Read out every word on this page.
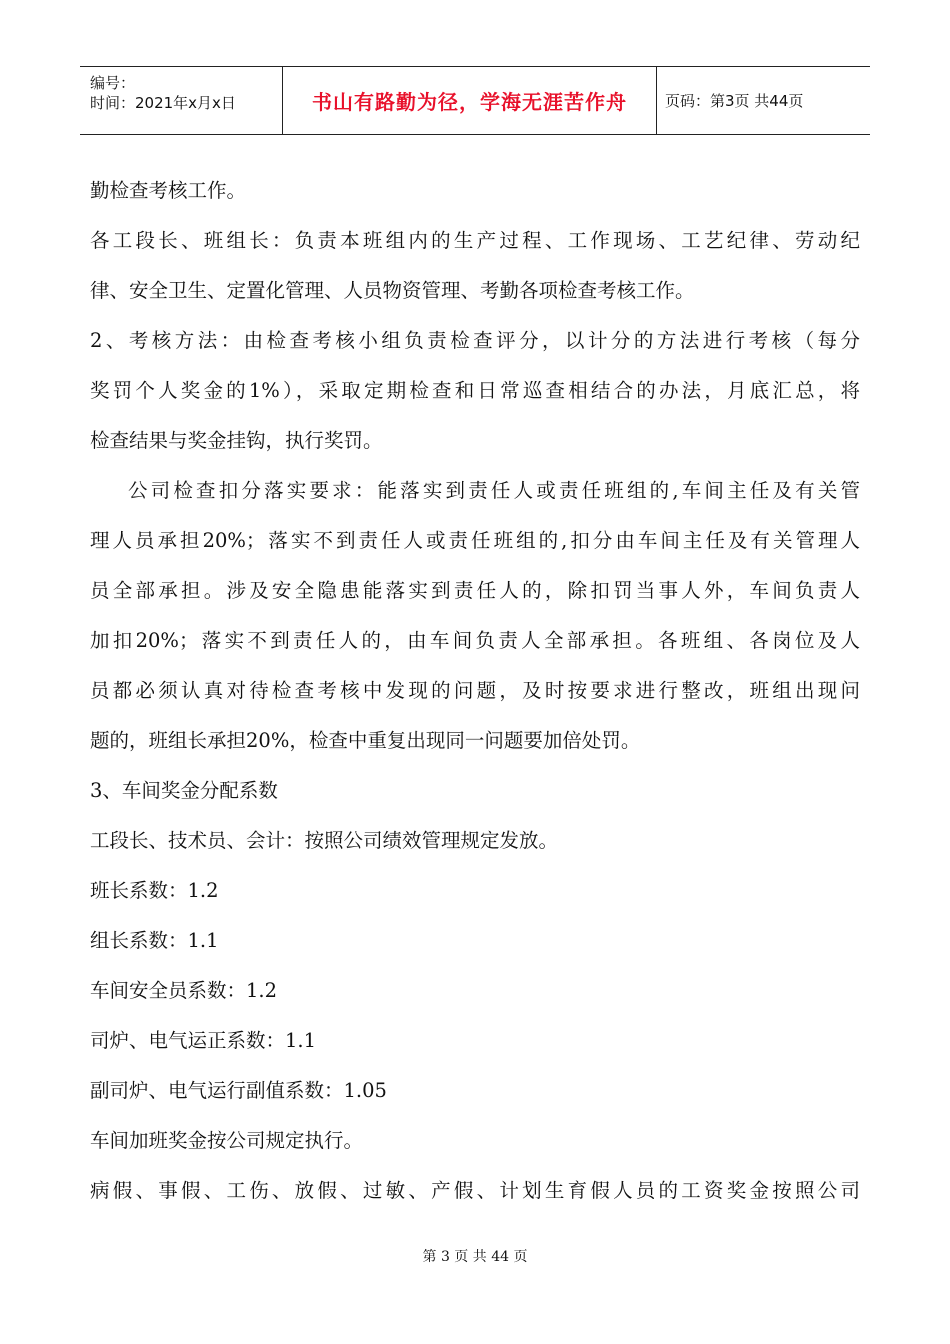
编号：
时间：2021年x月x日	书山有路勤为径，学海无涯苦作舟	页码：第3页 共44页
勤检查考核工作。
各工段长、班组长：负责本班组内的生产过程、工作现场、工艺纪律、劳动纪
律、安全卫生、定置化管理、人员物资管理、考勤各项检查考核工作。
2、考核方法：由检查考核小组负责检查评分，以计分的方法进行考核（每分
奖罚个人奖金的1%），采取定期检查和日常巡查相结合的办法，月底汇总，将
检查结果与奖金挂钩，执行奖罚。
公司检查扣分落实要求：能落实到责任人或责任班组的,车间主任及有关管
理人员承担20%；落实不到责任人或责任班组的,扣分由车间主任及有关管理人
员全部承担。涉及安全隐患能落实到责任人的，除扣罚当事人外，车间负责人
加扣20%；落实不到责任人的，由车间负责人全部承担。各班组、各岗位及人
员都必须认真对待检查考核中发现的问题，及时按要求进行整改，班组出现问
题的，班组长承担20%，检查中重复出现同一问题要加倍处罚。
3、车间奖金分配系数
工段长、技术员、会计：按照公司绩效管理规定发放。
班长系数：1.2
组长系数：1.1
车间安全员系数：1.2
司炉、电气运正系数：1.1
副司炉、电气运行副值系数：1.05
车间加班奖金按公司规定执行。
病假、事假、工伤、放假、过敏、产假、计划生育假人员的工资奖金按照公司
第 3 页 共 44 页
